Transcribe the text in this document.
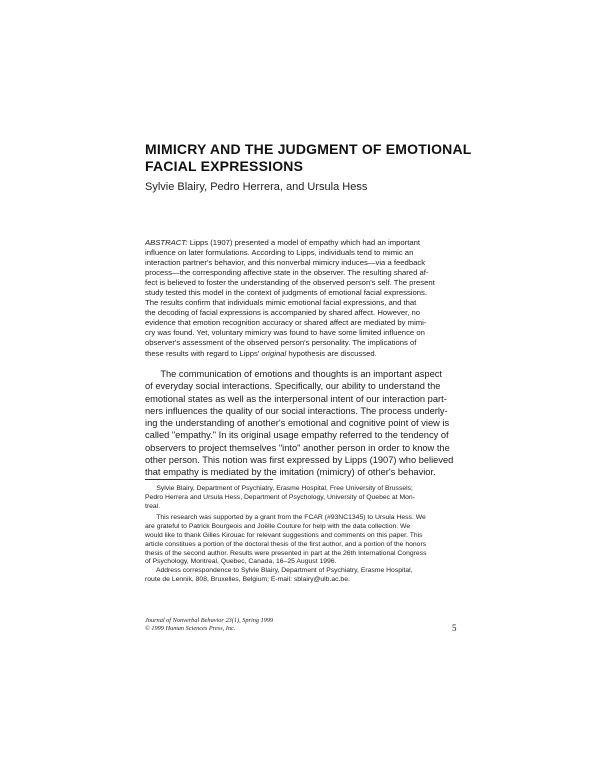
MIMICRY AND THE JUDGMENT OF EMOTIONAL
FACIAL EXPRESSIONS
Sylvie Blairy, Pedro Herrera, and Ursula Hess
ABSTRACT: Lipps (1907) presented a model of empathy which had an important
influence on later formulations. According to Lipps, individuals tend to mimic an
interaction partner's behavior, and this nonverbal mimicry induces—via a feedback
process—the corresponding affective state in the observer. The resulting shared af-
fect is believed to foster the understanding of the observed person's self. The present
study tested this model in the context of judgments of emotional facial expressions.
The results confirm that individuals mimic emotional facial expressions, and that
the decoding of facial expressions is accompanied by shared affect. However, no
evidence that emotion recognition accuracy or shared affect are mediated by mimi-
cry was found. Yet, voluntary mimicry was found to have some limited influence on
observer's assessment of the observed person's personality. The implications of
these results with regard to Lipps' original hypothesis are discussed.
The communication of emotions and thoughts is an important aspect
of everyday social interactions. Specifically, our ability to understand the
emotional states as well as the interpersonal intent of our interaction part-
ners influences the quality of our social interactions. The process underly-
ing the understanding of another's emotional and cognitive point of view is
called "empathy." In its original usage empathy referred to the tendency of
observers to project themselves "into" another person in order to know the
other person. This notion was first expressed by Lipps (1907) who believed
that empathy is mediated by the imitation (mimicry) of other's behavior.
Sylvie Blairy, Department of Psychiatry, Erasme Hospital, Free University of Brussels;
Pedro Herrera and Ursula Hess, Department of Psychology, University of Quebec at Mon-
treal.
This research was supported by a grant from the FCAR (#93NC1345) to Ursula Hess. We
are grateful to Patrick Bourgeois and Joëlle Couture for help with the data collection. We
would like to thank Gilles Kirouac for relevant suggestions and comments on this paper. This
article constitues a portion of the doctoral thesis of the first author, and a portion of the honors
thesis of the second author. Results were presented in part at the 26th International Congress
of Psychology, Montreal, Quebec, Canada, 16–25 August 1996.
Address correspondence to Sylvie Blairy, Department of Psychiatry, Erasme Hospital,
route de Lennik, 808, Bruxelles, Belgium; E-mail: sblairy@ulb.ac.be.
Journal of Nonverbal Behavior 23(1), Spring 1999
© 1999 Human Sciences Press, Inc.	5
